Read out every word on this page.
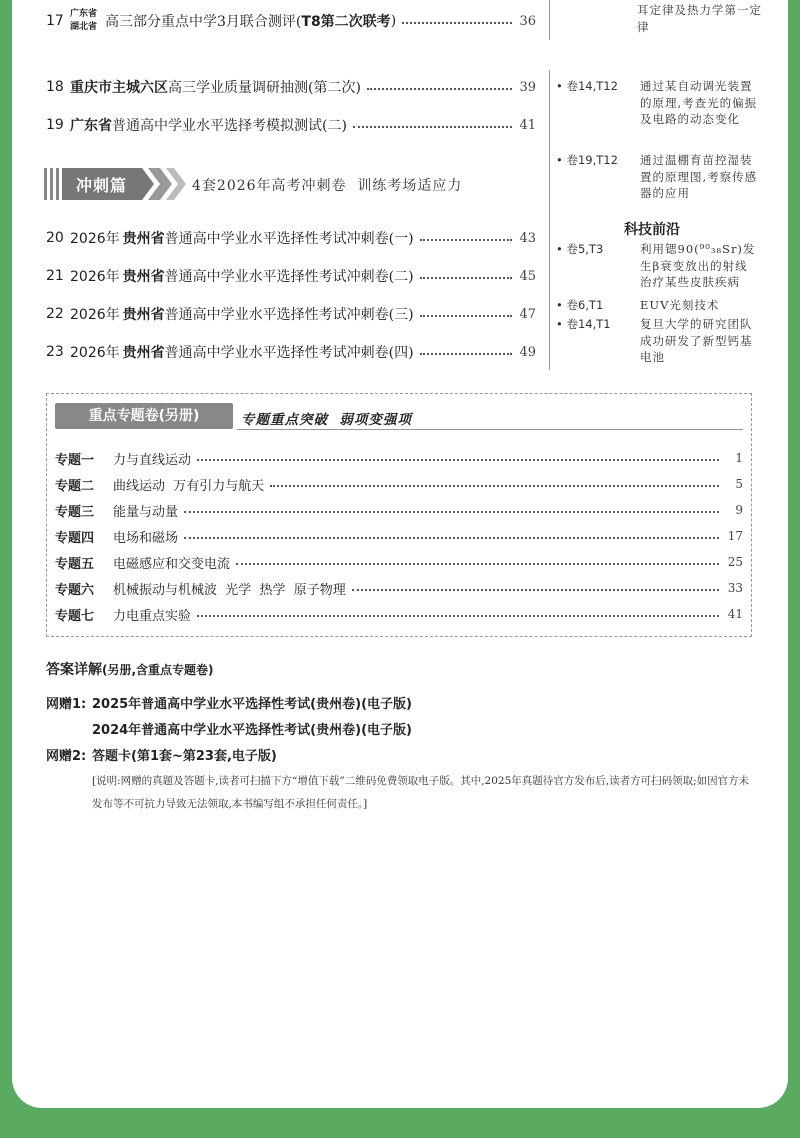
17 广东省
湖北省 高三部分重点中学3月联合测评( T8第二次联考 )	36
18 重庆市主城六区 高三学业质量调研抽测(第二次)	39
19 广东省 普通高中学业水平选择考模拟测试(二)	41
冲刺篇	4套2026年高考冲刺卷  训练考场适应力
20 2026年 贵州省 普通高中学业水平选择性考试冲刺卷(一)	43
21 2026年 贵州省 普通高中学业水平选择性考试冲刺卷(二)	45
22 2026年 贵州省 普通高中学业水平选择性考试冲刺卷(三)	47
23 2026年 贵州省 普通高中学业水平选择性考试冲刺卷(四)	49
耳定律及热力学第一定律
• 卷14,T12 通过某自动调光装置的原理,考查光的偏振及电路的动态变化
• 卷19,T12 通过温棚育苗控湿装置的原理图,考察传感器的应用
科技前沿
• 卷5,T3	利用锶90(⁹⁰₃₈Sr)发生β衰变放出的射线治疗某些皮肤疾病
• 卷6,T1	EUV光刻技术
• 卷14,T1	复旦大学的研究团队成功研发了新型钙基电池
重点专题卷(另册)	专题重点突破  弱项变强项
专题一	力与直线运动	1
专题二	曲线运动  万有引力与航天	5
专题三	能量与动量	9
专题四	电场和磁场	17
专题五	电磁感应和交变电流	25
专题六	机械振动与机械波  光学  热学  原子物理	33
专题七	力电重点实验	41
答案详解(另册,含重点专题卷)
网赠1: 2025年普通高中学业水平选择性考试(贵州卷)(电子版)
2024年普通高中学业水平选择性考试(贵州卷)(电子版)
网赠2: 答题卡(第1套~第23套,电子版)
[说明:网赠的真题及答题卡,读者可扫描下方“增值下载”二维码免费领取电子版。其中,2025年真题待官方发布后,读者方可扫码领取;如因官方未发布等不可抗力导致无法领取,本书编写组不承担任何责任。]
